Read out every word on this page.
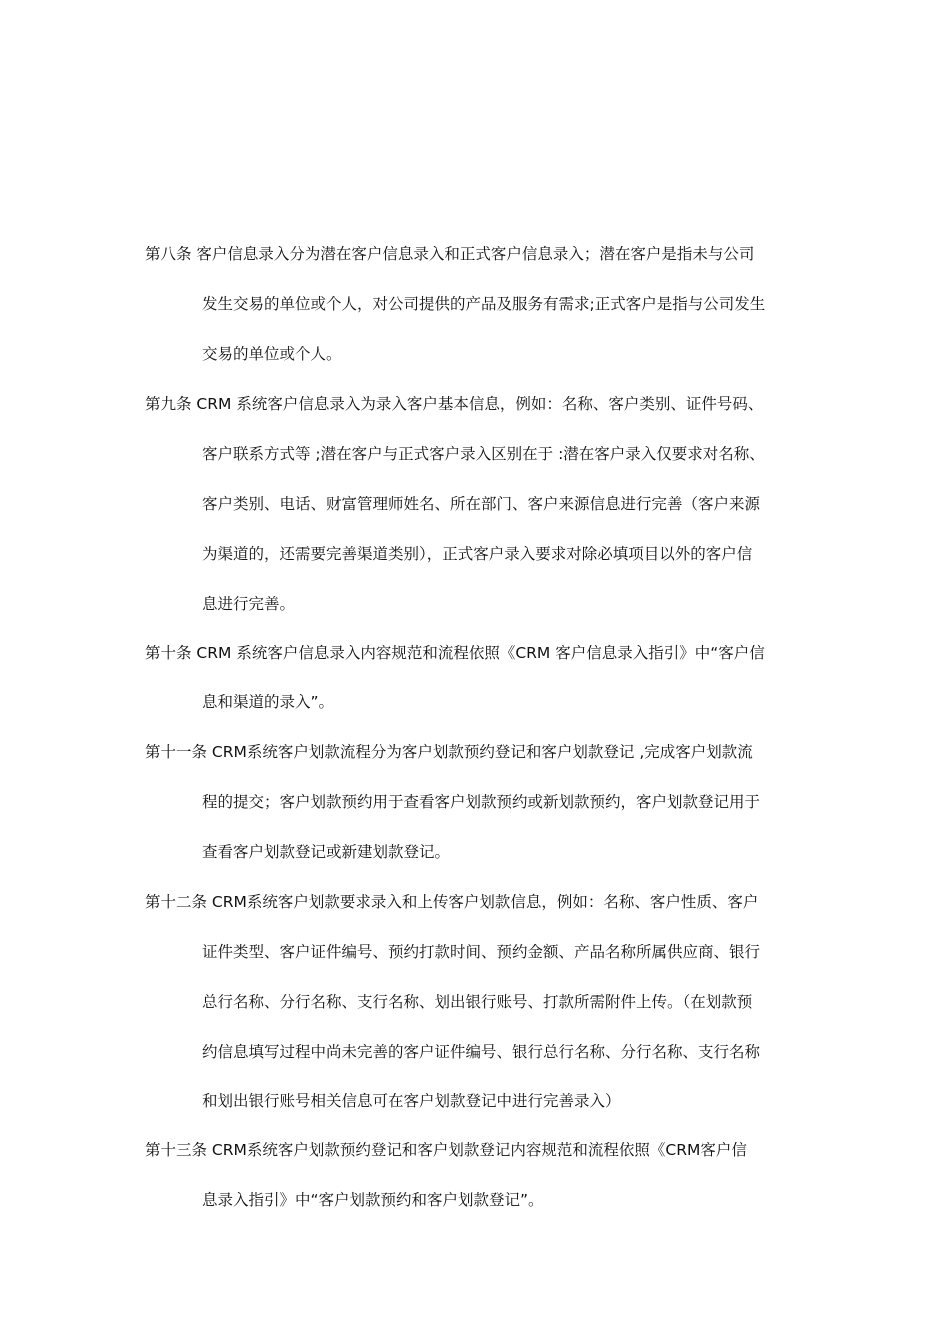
第八条 客户信息录入分为潜在客户信息录入和正式客户信息录入；潜在客户是指未与公司
发生交易的单位或个人，对公司提供的产品及服务有需求;正式客户是指与公司发生
交易的单位或个人。
第九条 CRM 系统客户信息录入为录入客户基本信息，例如：名称、客户类别、证件号码、
客户联系方式等 ;潜在客户与正式客户录入区别在于 :潜在客户录入仅要求对名称、
客户类别、电话、财富管理师姓名、所在部门、客户来源信息进行完善（客户来源
为渠道的，还需要完善渠道类别），正式客户录入要求对除必填项目以外的客户信
息进行完善。
第十条 CRM 系统客户信息录入内容规范和流程依照《CRM 客户信息录入指引》中“客户信
息和渠道的录入”。
第十一条 CRM系统客户划款流程分为客户划款预约登记和客户划款登记 ,完成客户划款流
程的提交；客户划款预约用于查看客户划款预约或新划款预约，客户划款登记用于
查看客户划款登记或新建划款登记。
第十二条 CRM系统客户划款要求录入和上传客户划款信息，例如：名称、客户性质、客户
证件类型、客户证件编号、预约打款时间、预约金额、产品名称所属供应商、银行
总行名称、分行名称、支行名称、划出银行账号、打款所需附件上传。（在划款预
约信息填写过程中尚未完善的客户证件编号、银行总行名称、分行名称、支行名称
和划出银行账号相关信息可在客户划款登记中进行完善录入）
第十三条 CRM系统客户划款预约登记和客户划款登记内容规范和流程依照《CRM客户信
息录入指引》中“客户划款预约和客户划款登记”。
